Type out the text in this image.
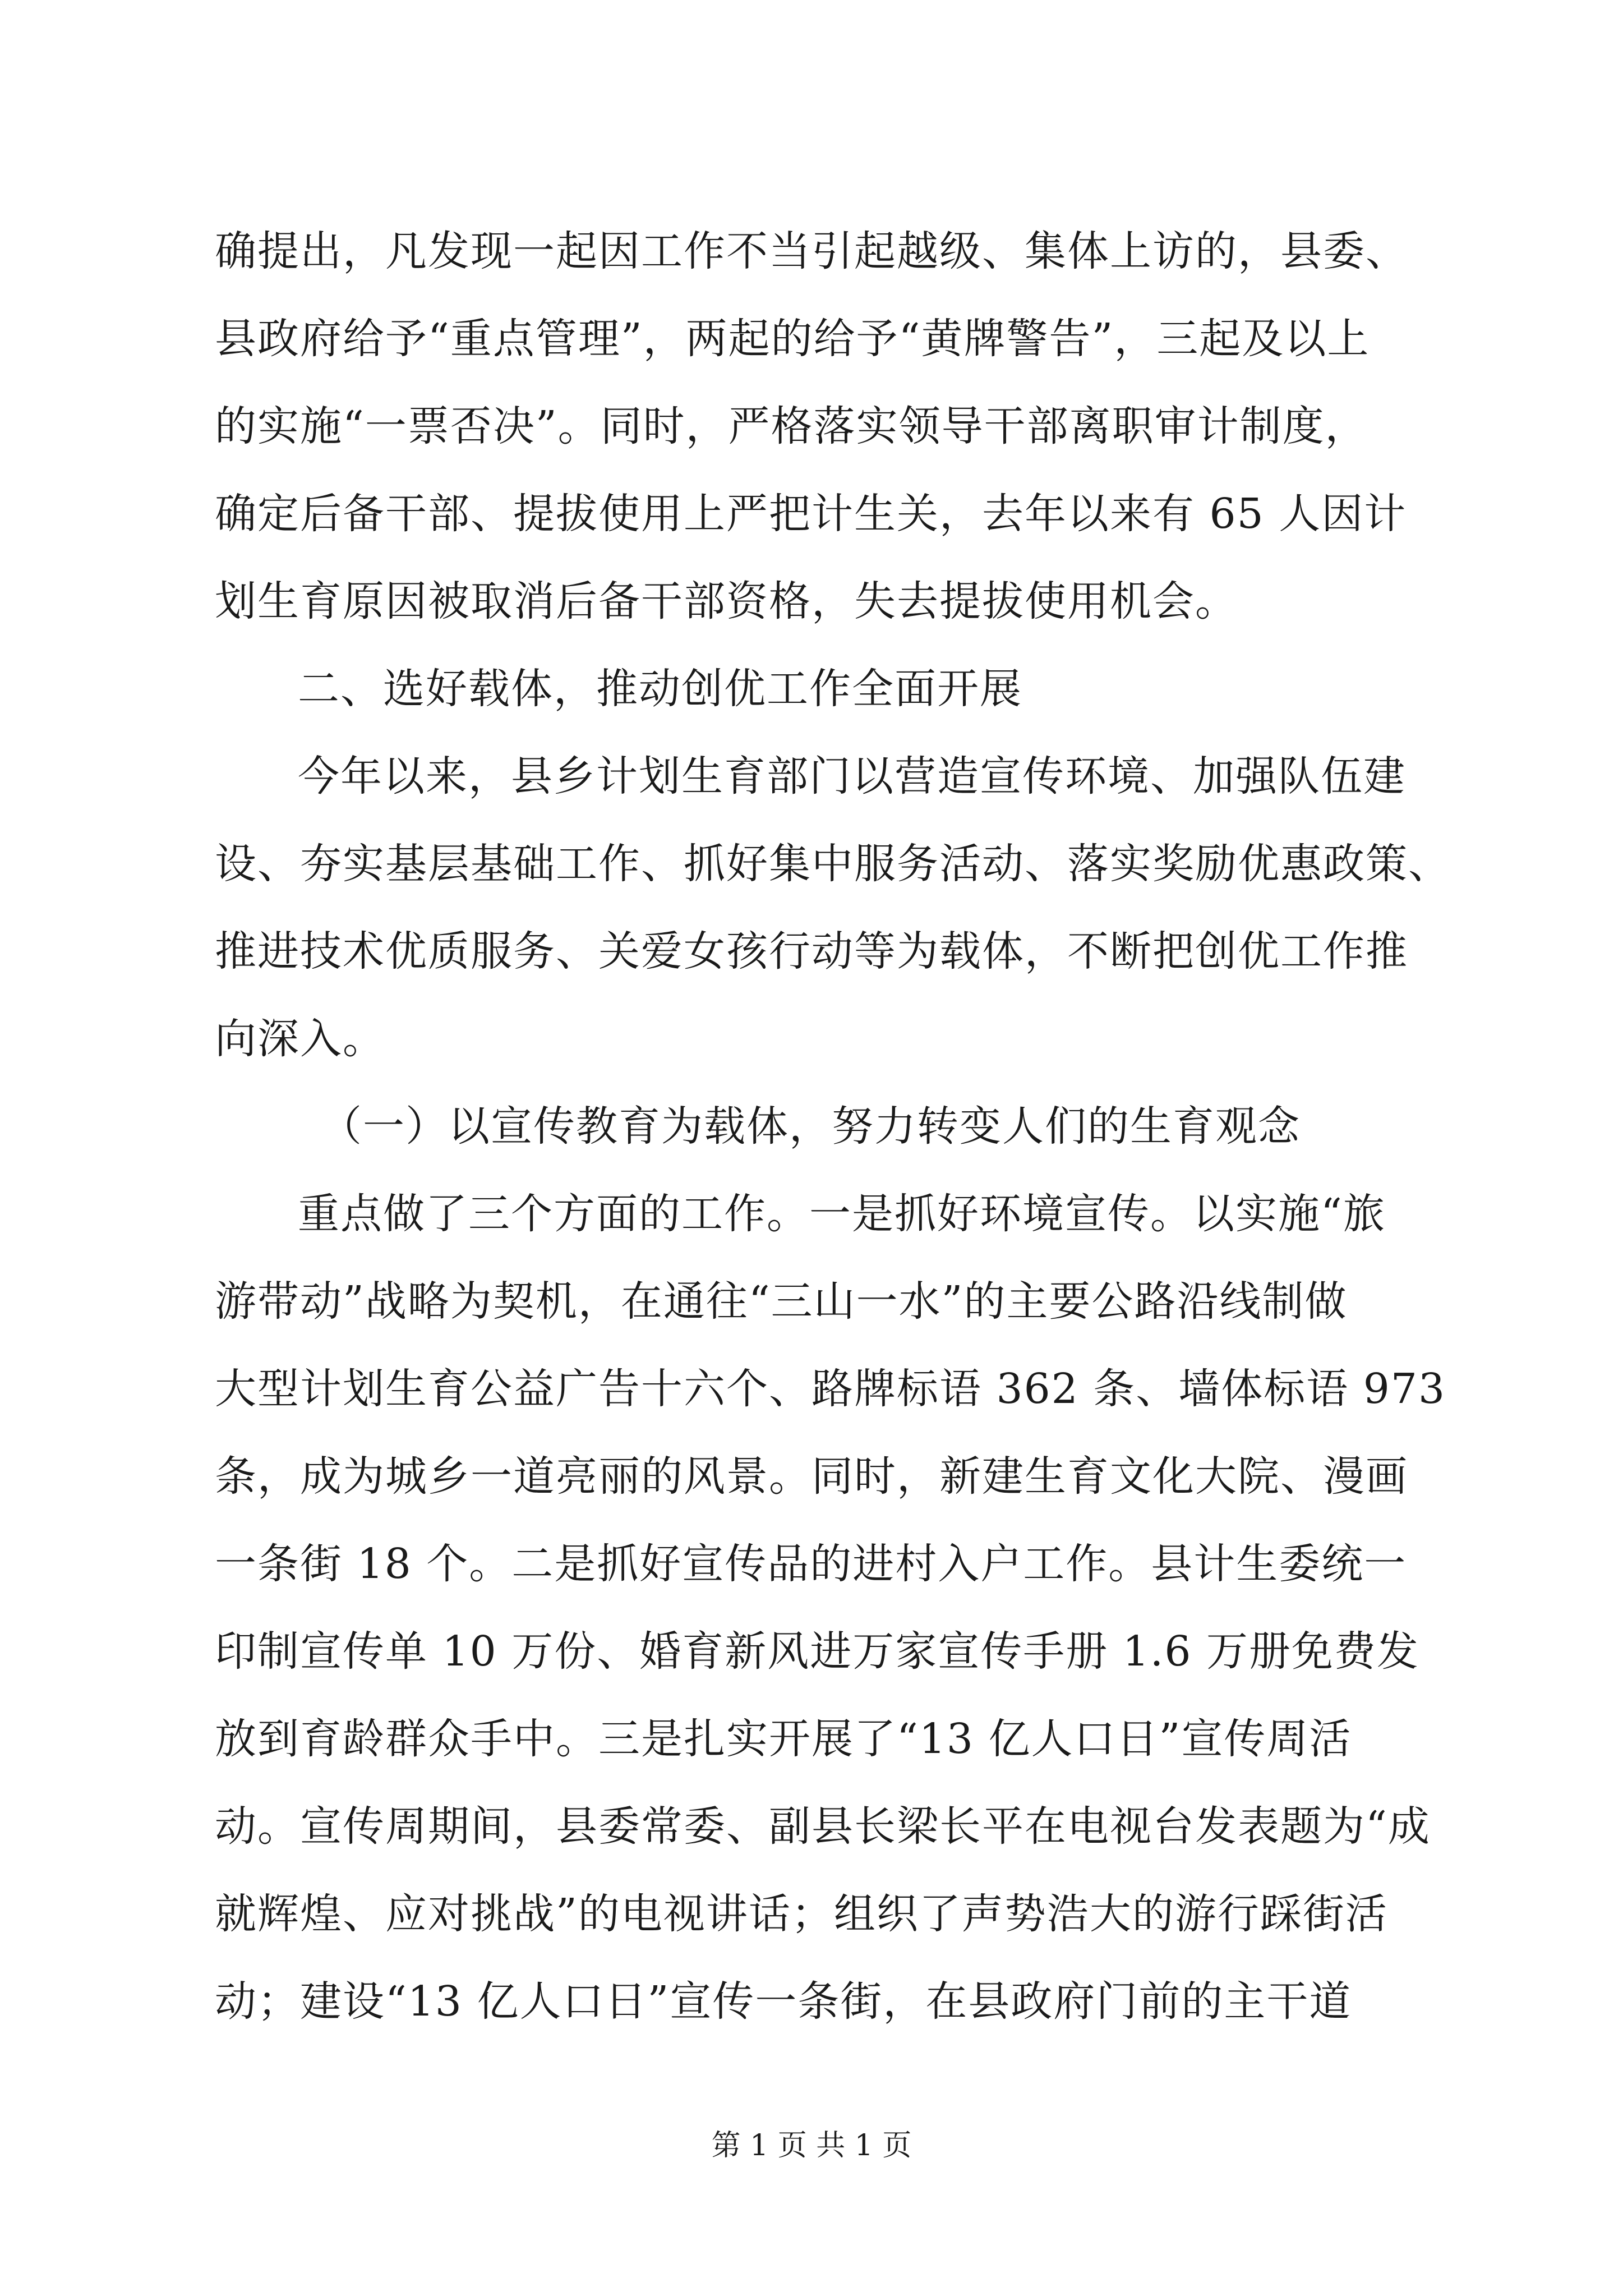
确提出，凡发现一起因工作不当引起越级、集体上访的，县委、
县政府给予“重点管理”，两起的给予“黄牌警告”，三起及以上
的实施“一票否决”。同时，严格落实领导干部离职审计制度，
确定后备干部、提拔使用上严把计生关，去年以来有 65 人因计
划生育原因被取消后备干部资格，失去提拔使用机会。
二、选好载体，推动创优工作全面开展
今年以来，县乡计划生育部门以营造宣传环境、加强队伍建
设、夯实基层基础工作、抓好集中服务活动、落实奖励优惠政策、
推进技术优质服务、关爱女孩行动等为载体，不断把创优工作推
向深入。
（一）以宣传教育为载体，努力转变人们的生育观念
重点做了三个方面的工作。一是抓好环境宣传。以实施“旅
游带动”战略为契机，在通往“三山一水”的主要公路沿线制做
大型计划生育公益广告十六个、路牌标语 362 条、墙体标语 973
条，成为城乡一道亮丽的风景。同时，新建生育文化大院、漫画
一条街 18 个。二是抓好宣传品的进村入户工作。县计生委统一
印制宣传单 10 万份、婚育新风进万家宣传手册 1.6 万册免费发
放到育龄群众手中。三是扎实开展了“13 亿人口日”宣传周活
动。宣传周期间，县委常委、副县长梁长平在电视台发表题为“成
就辉煌、应对挑战”的电视讲话；组织了声势浩大的游行踩街活
动；建设“13 亿人口日”宣传一条街，在县政府门前的主干道
第 1 页 共 1 页
